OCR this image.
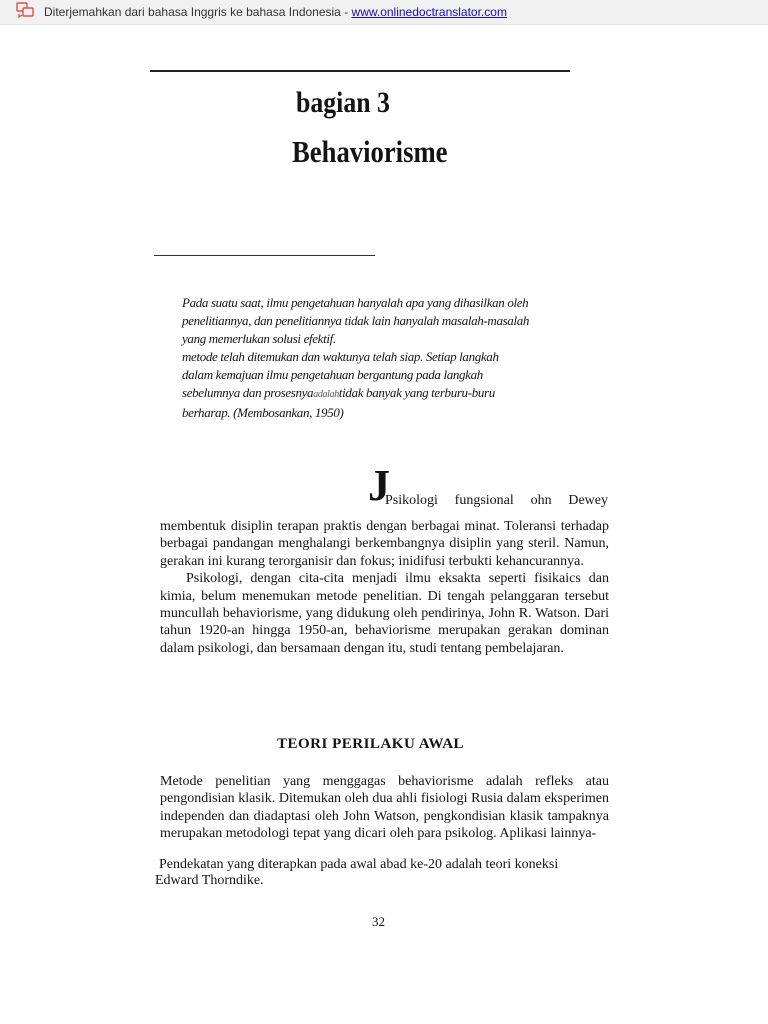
Diterjemahkan dari bahasa Inggris ke bahasa Indonesia - www.onlinedoctranslator.com
bagian 3
Behaviorisme

Pada suatu saat, ilmu pengetahuan hanyalah apa yang dihasilkan oleh

penelitiannya, dan penelitiannya tidak lain hanyalah masalah-masalah

yang memerlukan solusi efektif.

metode telah ditemukan dan waktunya telah siap. Setiap langkah

dalam kemajuan ilmu pengetahuan bergantung pada langkah

sebelumnya dan prosesnyaadalahtidak banyak yang terburu-buru

berharap. (Membosankan, 1950)

J
Psikologi fungsional ohn Dewey

membentuk disiplin terapan praktis dengan berbagai minat. Toleransi terhadap berbagai pandangan menghalangi berkembangnya disiplin yang steril. Namun, gerakan ini kurang terorganisir dan fokus; inidifusi terbukti kehancurannya.

Psikologi, dengan cita-cita menjadi ilmu eksakta seperti fisikaics dan kimia, belum menemukan metode penelitian. Di tengah pelanggaran tersebut muncullah behaviorisme, yang didukung oleh pendirinya, John R. Watson. Dari tahun 1920-an hingga 1950-an, behaviorisme merupakan gerakan dominan dalam psikologi, dan bersamaan dengan itu, studi tentang pembelajaran.

TEORI PERILAKU AWAL
Metode penelitian yang menggagas behaviorisme adalah refleks atau pengondisian klasik. Ditemukan oleh dua ahli fisiologi Rusia dalam eksperimen independen dan diadaptasi oleh John Watson, pengkondisian klasik tampaknya merupakan metodologi tepat yang dicari oleh para psikolog. Aplikasi lainnya-

Pendekatan yang diterapkan pada awal abad ke-20 adalah teori koneksi

Edward Thorndike.

32
